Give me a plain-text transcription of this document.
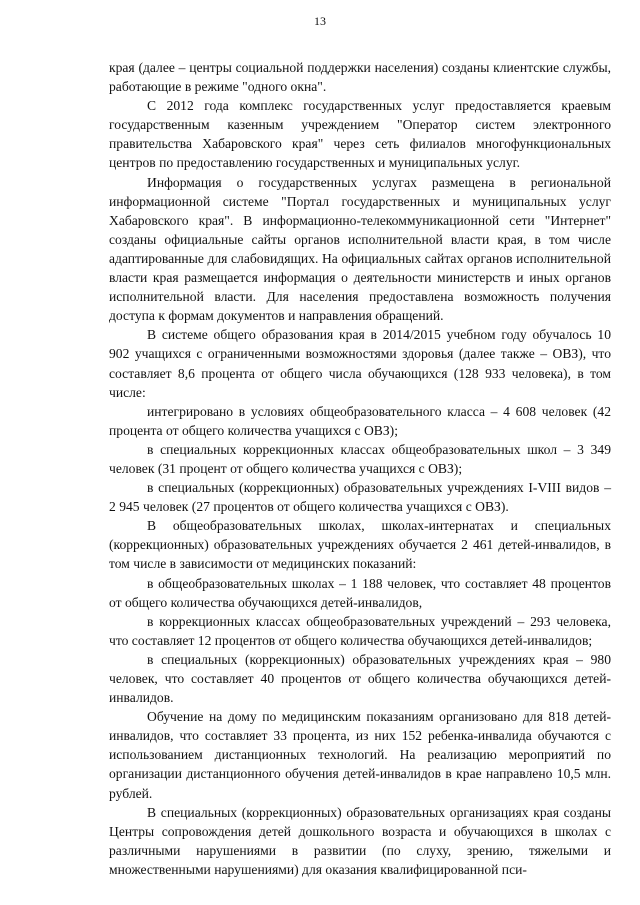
13

края (далее – центры социальной поддержки населения) созданы клиентские службы, работающие в режиме "одного окна".

С 2012 года комплекс государственных услуг предоставляется краевым государственным казенным учреждением "Оператор систем электронного правительства Хабаровского края" через сеть филиалов многофункциональных центров по предоставлению государственных и муниципальных услуг.

Информация о государственных услугах размещена в региональной информационной системе "Портал государственных и муниципальных услуг Хабаровского края". В информационно-телекоммуникационной сети "Интернет" созданы официальные сайты органов исполнительной власти края, в том числе адаптированные для слабовидящих. На официальных сайтах органов исполнительной власти края размещается информация о деятельности министерств и иных органов исполнительной власти. Для населения предоставлена возможность получения доступа к формам документов и направления обращений.

В системе общего образования края в 2014/2015 учебном году обучалось 10 902 учащихся с ограниченными возможностями здоровья (далее также – ОВЗ), что составляет 8,6 процента от общего числа обучающихся (128 933 человека), в том числе:

интегрировано в условиях общеобразовательного класса – 4 608 человек (42 процента от общего количества учащихся с ОВЗ);

в специальных коррекционных классах общеобразовательных школ – 3 349 человек (31 процент от общего количества учащихся с ОВЗ);

в специальных (коррекционных) образовательных учреждениях I-VIII видов – 2 945 человек (27 процентов от общего количества учащихся с ОВЗ).

В общеобразовательных школах, школах-интернатах и специальных (коррекционных) образовательных учреждениях обучается 2 461 детей-инвалидов, в том числе в зависимости от медицинских показаний:

в общеобразовательных школах – 1 188 человек, что составляет 48 процентов от общего количества обучающихся детей-инвалидов,

в коррекционных классах общеобразовательных учреждений – 293 человека, что составляет 12 процентов от общего количества обучающихся детей-инвалидов;

в специальных (коррекционных) образовательных учреждениях края – 980 человек, что составляет 40 процентов от общего количества обучающихся детей-инвалидов.

Обучение на дому по медицинским показаниям организовано для 818 детей-инвалидов, что составляет 33 процента, из них 152 ребенка-инвалида обучаются с использованием дистанционных технологий. На реализацию мероприятий по организации дистанционного обучения детей-инвалидов в крае направлено 10,5 млн. рублей.

В специальных (коррекционных) образовательных организациях края созданы Центры сопровождения детей дошкольного возраста и обучающихся в школах с различными нарушениями в развитии (по слуху, зрению, тяжелыми и множественными нарушениями) для оказания квалифицированной пси-
